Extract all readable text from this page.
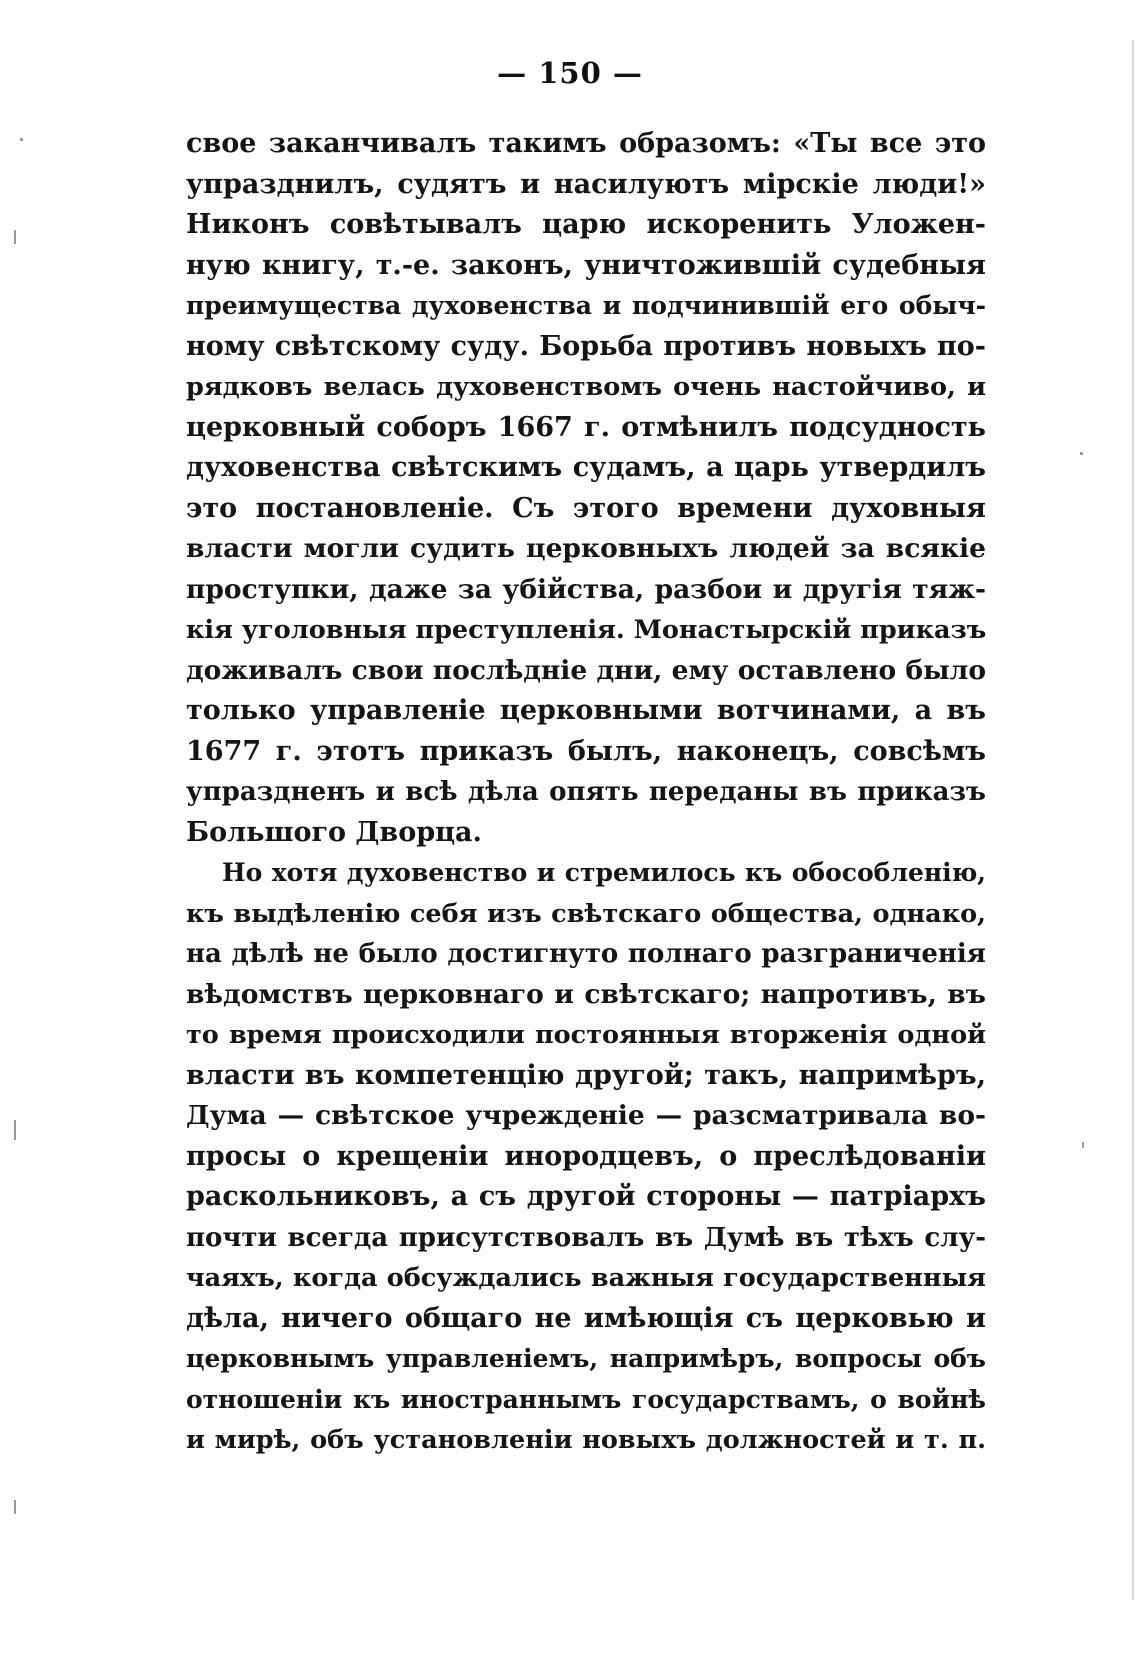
— 150 —
свое заканчивалъ такимъ образомъ: «Ты все это
упразднилъ, судятъ и насилуютъ мірскіе люди!»
Никонъ совѣтывалъ царю искоренить Уложен-
ную книгу, т.-е. законъ, уничтожившій судебныя
преимущества духовенства и подчинившій его обыч-
ному свѣтскому суду. Борьба противъ новыхъ по-
рядковъ велась духовенствомъ очень настойчиво, и
церковный соборъ 1667 г. отмѣнилъ подсудность
духовенства свѣтскимъ судамъ, а царь утвердилъ
это постановленіе. Съ этого времени духовныя
власти могли судить церковныхъ людей за всякіе
проступки, даже за убійства, разбои и другія тяж-
кія уголовныя преступленія. Монастырскій приказъ
доживалъ свои послѣдніе дни, ему оставлено было
только управленіе церковными вотчинами, а въ
1677 г. этотъ приказъ былъ, наконецъ, совсѣмъ
упраздненъ и всѣ дѣла опять переданы въ приказъ
Большого Дворца.
Но хотя духовенство и стремилось къ обособленію,
къ выдѣленію себя изъ свѣтскаго общества, однако,
на дѣлѣ не было достигнуто полнаго разграниченія
вѣдомствъ церковнаго и свѣтскаго; напротивъ, въ
то время происходили постоянныя вторженія одной
власти въ компетенцію другой; такъ, напримѣръ,
Дума — свѣтское учрежденіе — разсматривала во-
просы о крещеніи инородцевъ, о преслѣдованіи
раскольниковъ, а съ другой стороны — патріархъ
почти всегда присутствовалъ въ Думѣ въ тѣхъ слу-
чаяхъ, когда обсуждались важныя государственныя
дѣла, ничего общаго не имѣющія съ церковью и
церковнымъ управленіемъ, напримѣръ, вопросы объ
отношеніи къ иностраннымъ государствамъ, о войнѣ
и мирѣ, объ установленіи новыхъ должностей и т. п.
